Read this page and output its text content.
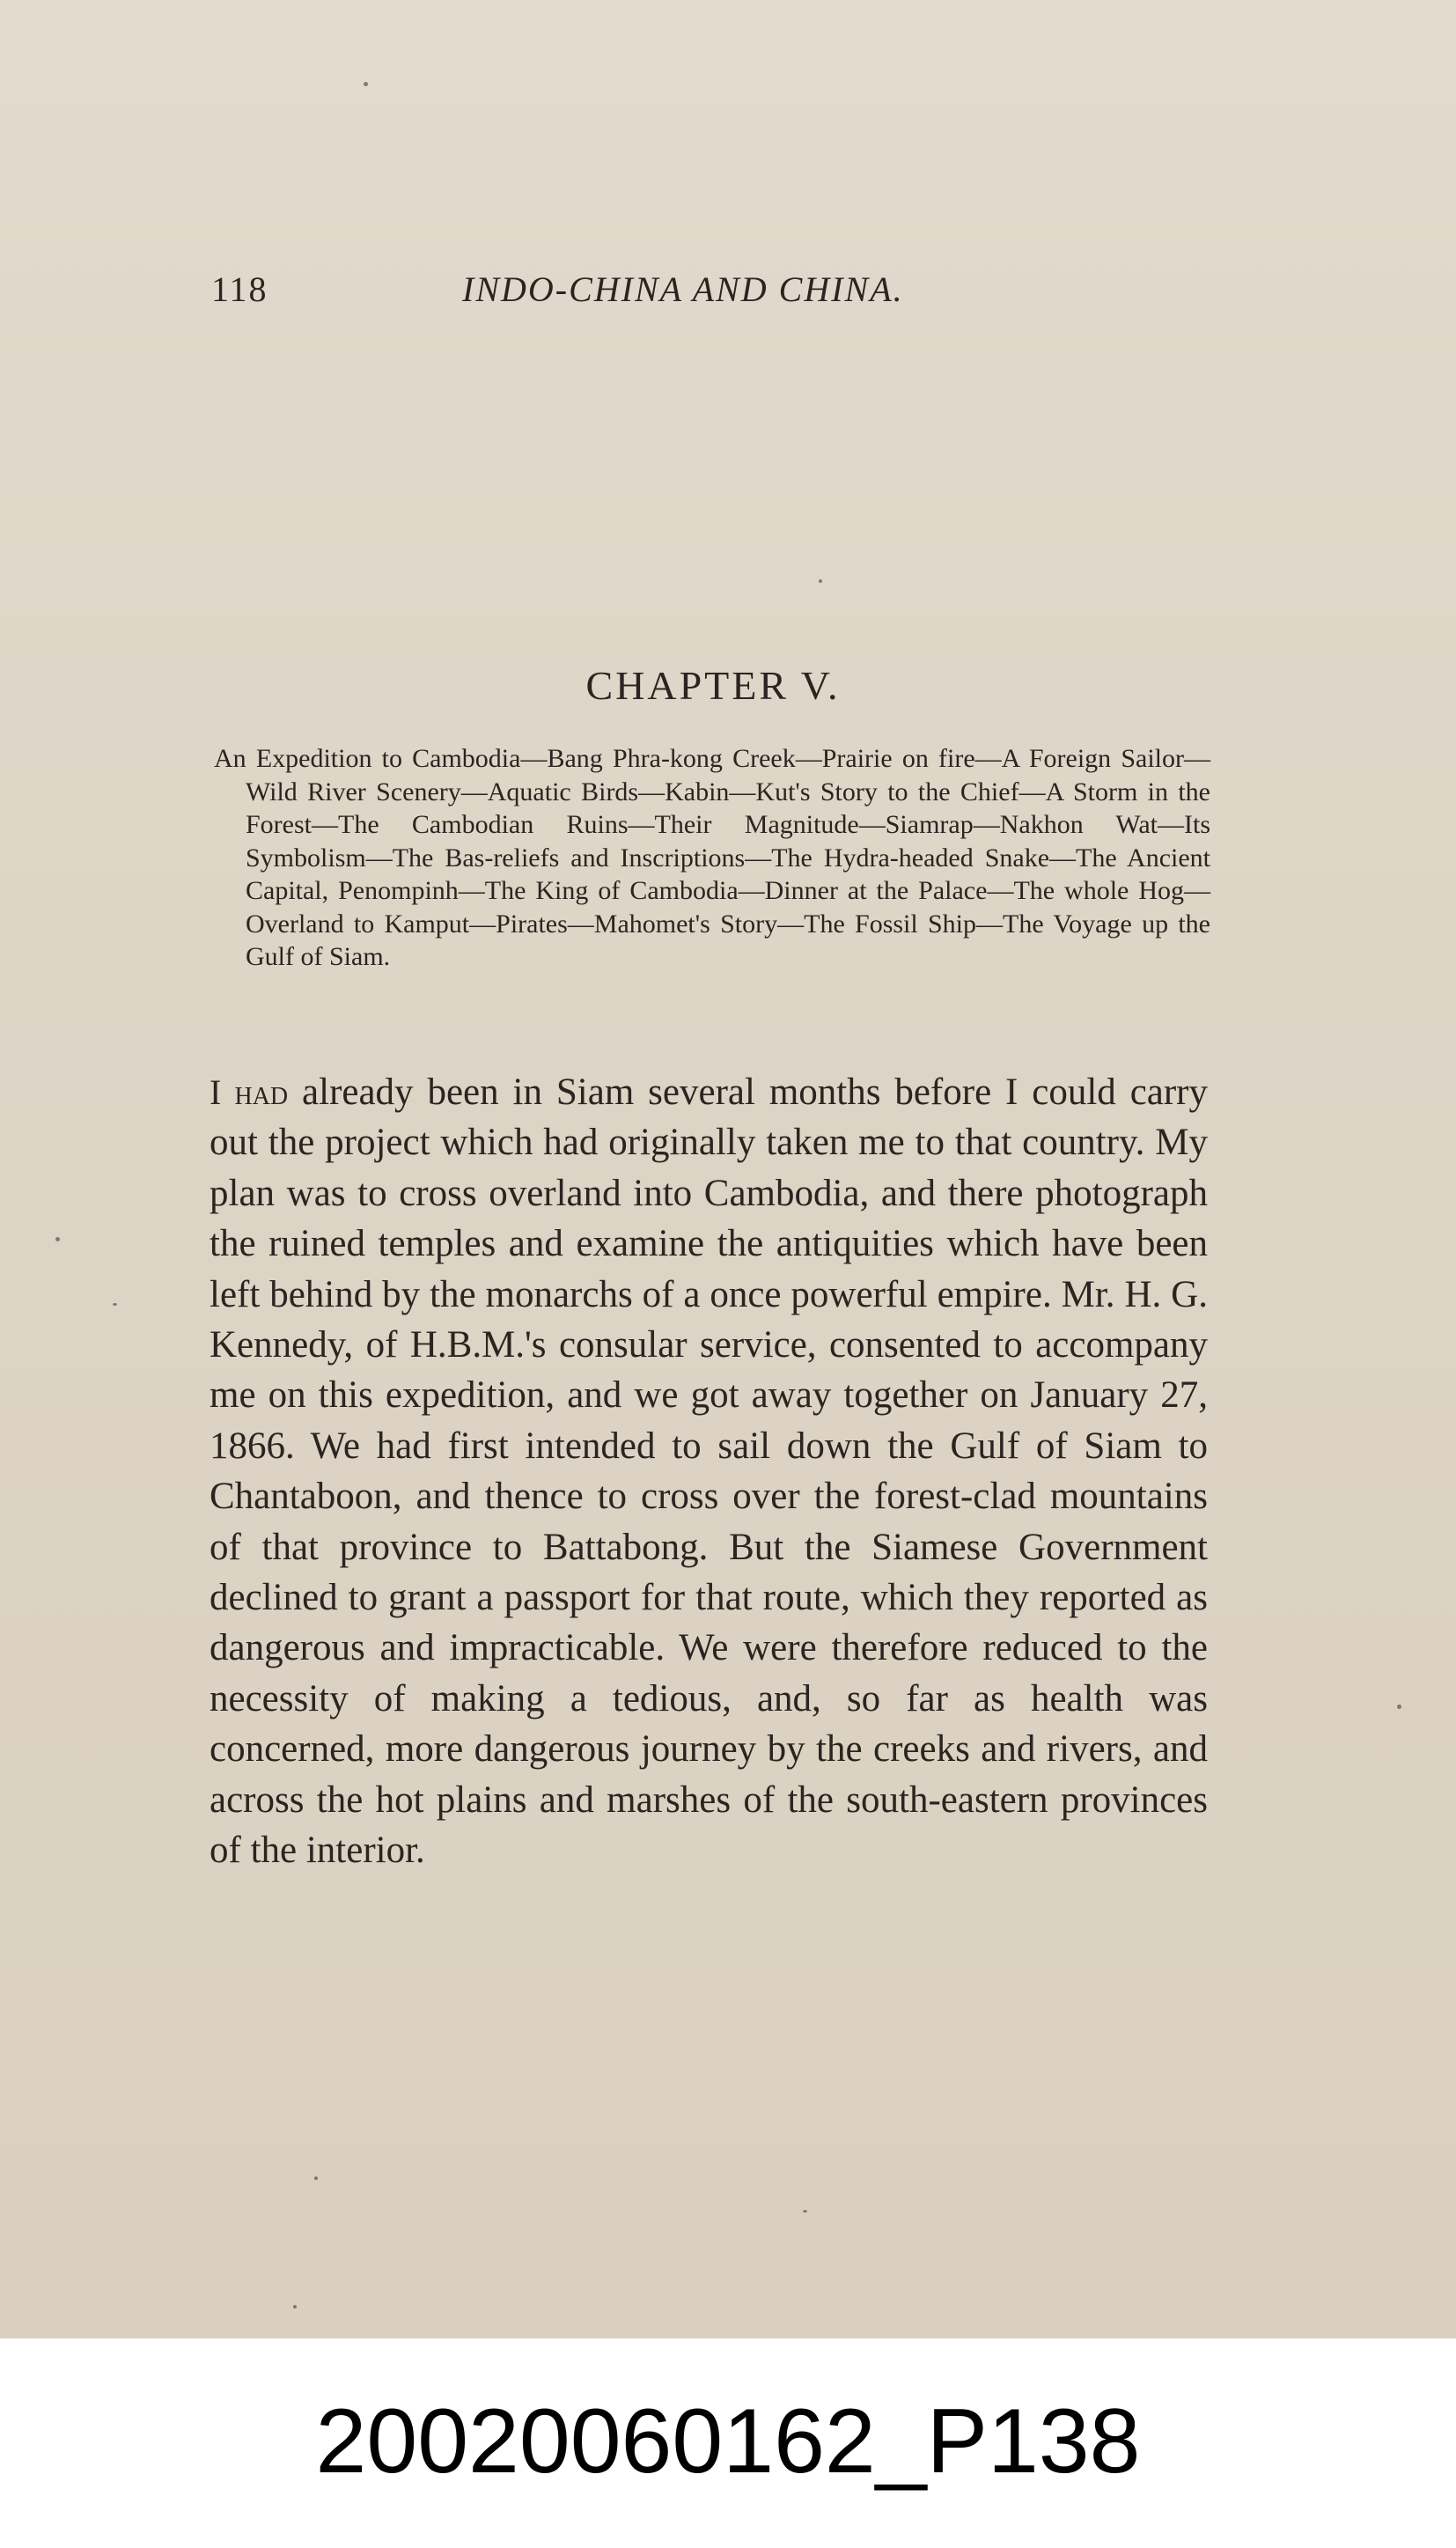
118	INDO-CHINA AND CHINA.
CHAPTER V.
An Expedition to Cambodia—Bang Phra-kong Creek—Prairie on fire—A Foreign Sailor—Wild River Scenery—Aquatic Birds—Kabin—Kut's Story to the Chief—A Storm in the Forest—The Cambodian Ruins—Their Magnitude—Siamrap—Nakhon Wat—Its Symbolism—The Bas-reliefs and Inscriptions—The Hydra-headed Snake—The Ancient Capital, Penompinh—The King of Cambodia—Dinner at the Palace—The whole Hog—Overland to Kamput—Pirates—Mahomet's Story—The Fossil Ship—The Voyage up the Gulf of Siam.
I had already been in Siam several months before I could carry out the project which had originally taken me to that country. My plan was to cross overland into Cambodia, and there photograph the ruined temples and examine the antiquities which have been left behind by the monarchs of a once powerful empire. Mr. H. G. Kennedy, of H.B.M.'s consular service, consented to accompany me on this expedition, and we got away together on January 27, 1866. We had first intended to sail down the Gulf of Siam to Chantaboon, and thence to cross over the forest-clad mountains of that province to Battabong. But the Siamese Government declined to grant a passport for that route, which they reported as dangerous and impracticable. We were therefore reduced to the necessity of making a tedious, and, so far as health was concerned, more dangerous journey by the creeks and rivers, and across the hot plains and marshes of the south-eastern provinces of the interior.
20020060162_P138
